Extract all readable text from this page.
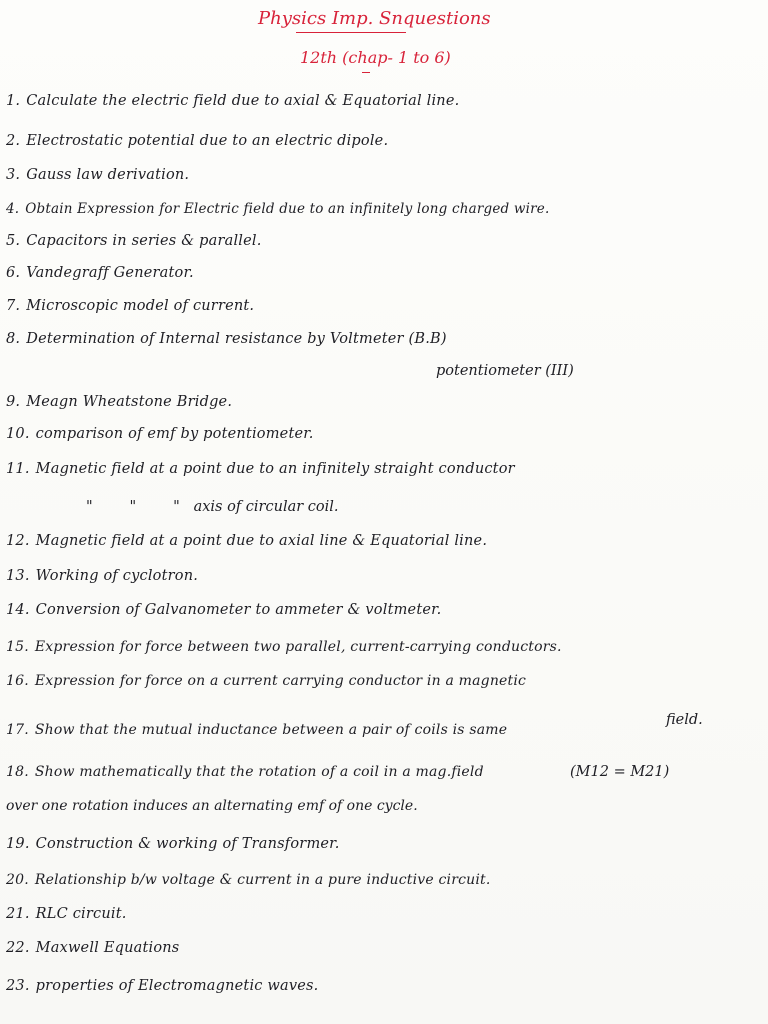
Physics Imp. Snquestions
12th (chap- 1 to 6)
1. Calculate the electric field due to axial & Equatorial line.
2. Electrostatic potential due to an electric dipole.
3. Gauss law derivation.
4. Obtain Expression for Electric field due to an infinitely long charged wire.
5. Capacitors in series & parallel.
6. Vandegraff Generator.
7. Microscopic model of current.
8. Determination of Internal resistance by Voltmeter (B.B)
potentiometer (III)
9. Meagn Wheatstone Bridge.
10. comparison of emf by potentiometer.
11. Magnetic field at a point due to an infinitely straight conductor
"        "        "   axis of circular coil.
12. Magnetic field at a point due to axial line & Equatorial line.
13. Working of cyclotron.
14. Conversion of Galvanometer to ammeter & voltmeter.
15. Expression for force between two parallel, current-carrying conductors.
16. Expression for force on a current carrying conductor in a magnetic
field.
17. Show that the mutual inductance between a pair of coils is same
(M12 = M21)
18. Show mathematically that the rotation of a coil in a mag.field
over one rotation induces an alternating emf of one cycle.
19. Construction & working of Transformer.
20. Relationship b/w voltage & current in a pure inductive circuit.
21. RLC circuit.
22. Maxwell Equations
23. properties of Electromagnetic waves.
